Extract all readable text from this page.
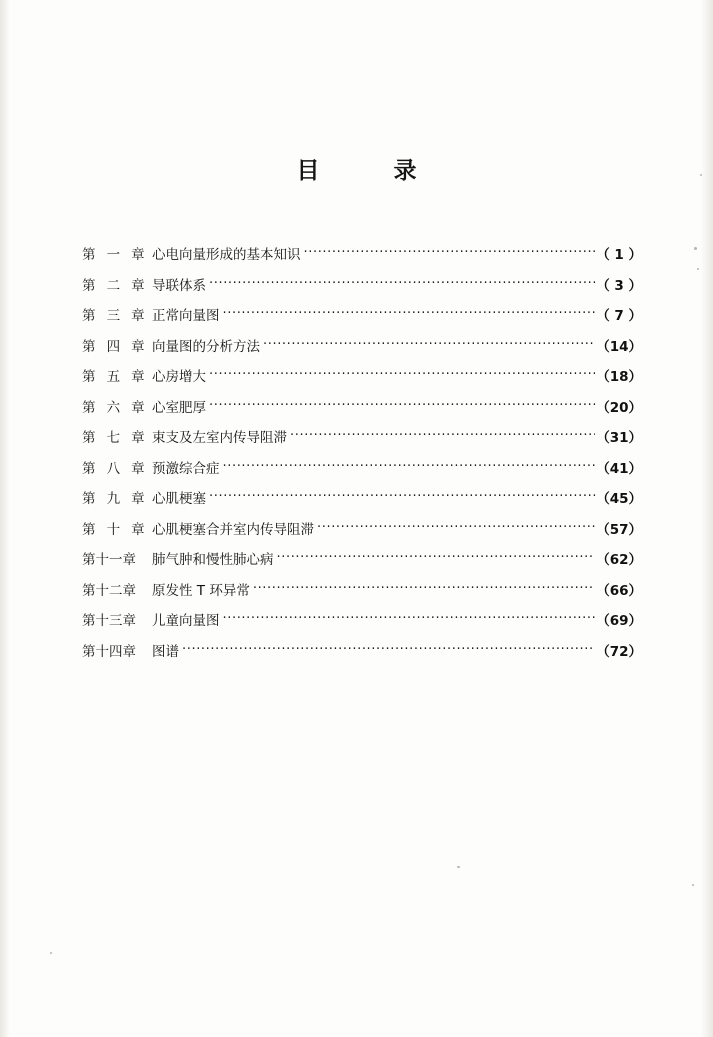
目录
第 一 章 心电向量形成的基本知识 ·····	（ 1 ）
第 二 章 导联体系 ·····	（ 3 ）
第 三 章 正常向量图 ·····	（ 7 ）
第 四 章 向量图的分析方法 ·····	（14）
第 五 章 心房增大 ·····	（18）
第 六 章 心室肥厚 ·····	（20）
第 七 章 束支及左室内传导阻滞 ·····	（31）
第 八 章 预激综合症 ·····	（41）
第 九 章 心肌梗塞 ·····	（45）
第 十 章 心肌梗塞合并室内传导阻滞 ·····	（57）
第十一章	肺气肿和慢性肺心病 ·····	（62）
第十二章	原发性 T 环异常 ·····	（66）
第十三章	儿童向量图 ·····	（69）
第十四章	图谱 ·····	（72）
